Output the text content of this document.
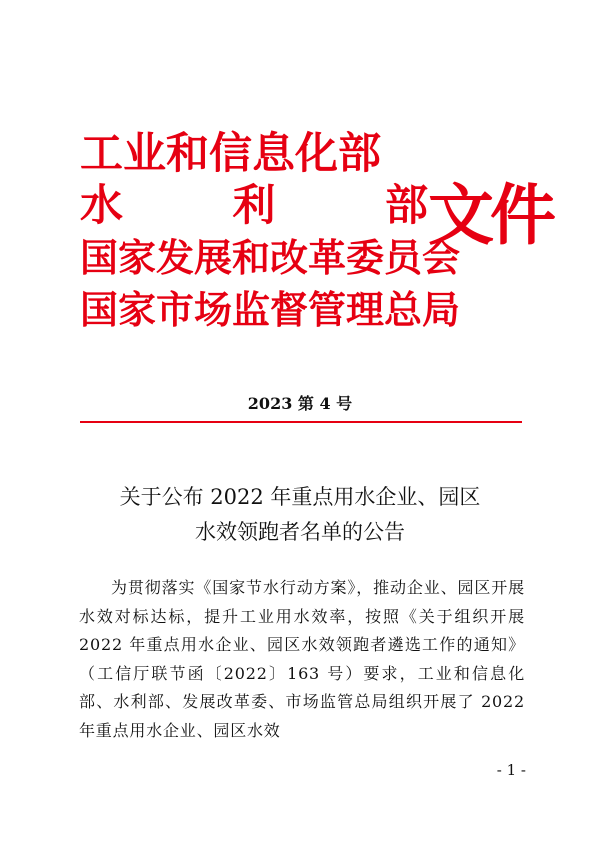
工业和信息化部
水	利	部
国家发展和改革委员会
国家市场监督管理总局
文件
2023 第 4 号
关于公布 2022 年重点用水企业、园区
水效领跑者名单的公告
为贯彻落实《国家节水行动方案》，推动企业、园区开展水效对标达标，提升工业用水效率，按照《关于组织开展 2022 年重点用水企业、园区水效领跑者遴选工作的通知》（工信厅联节函〔2022〕163 号）要求，工业和信息化部、水利部、发展改革委、市场监管总局组织开展了 2022 年重点用水企业、园区水效
- 1 -
